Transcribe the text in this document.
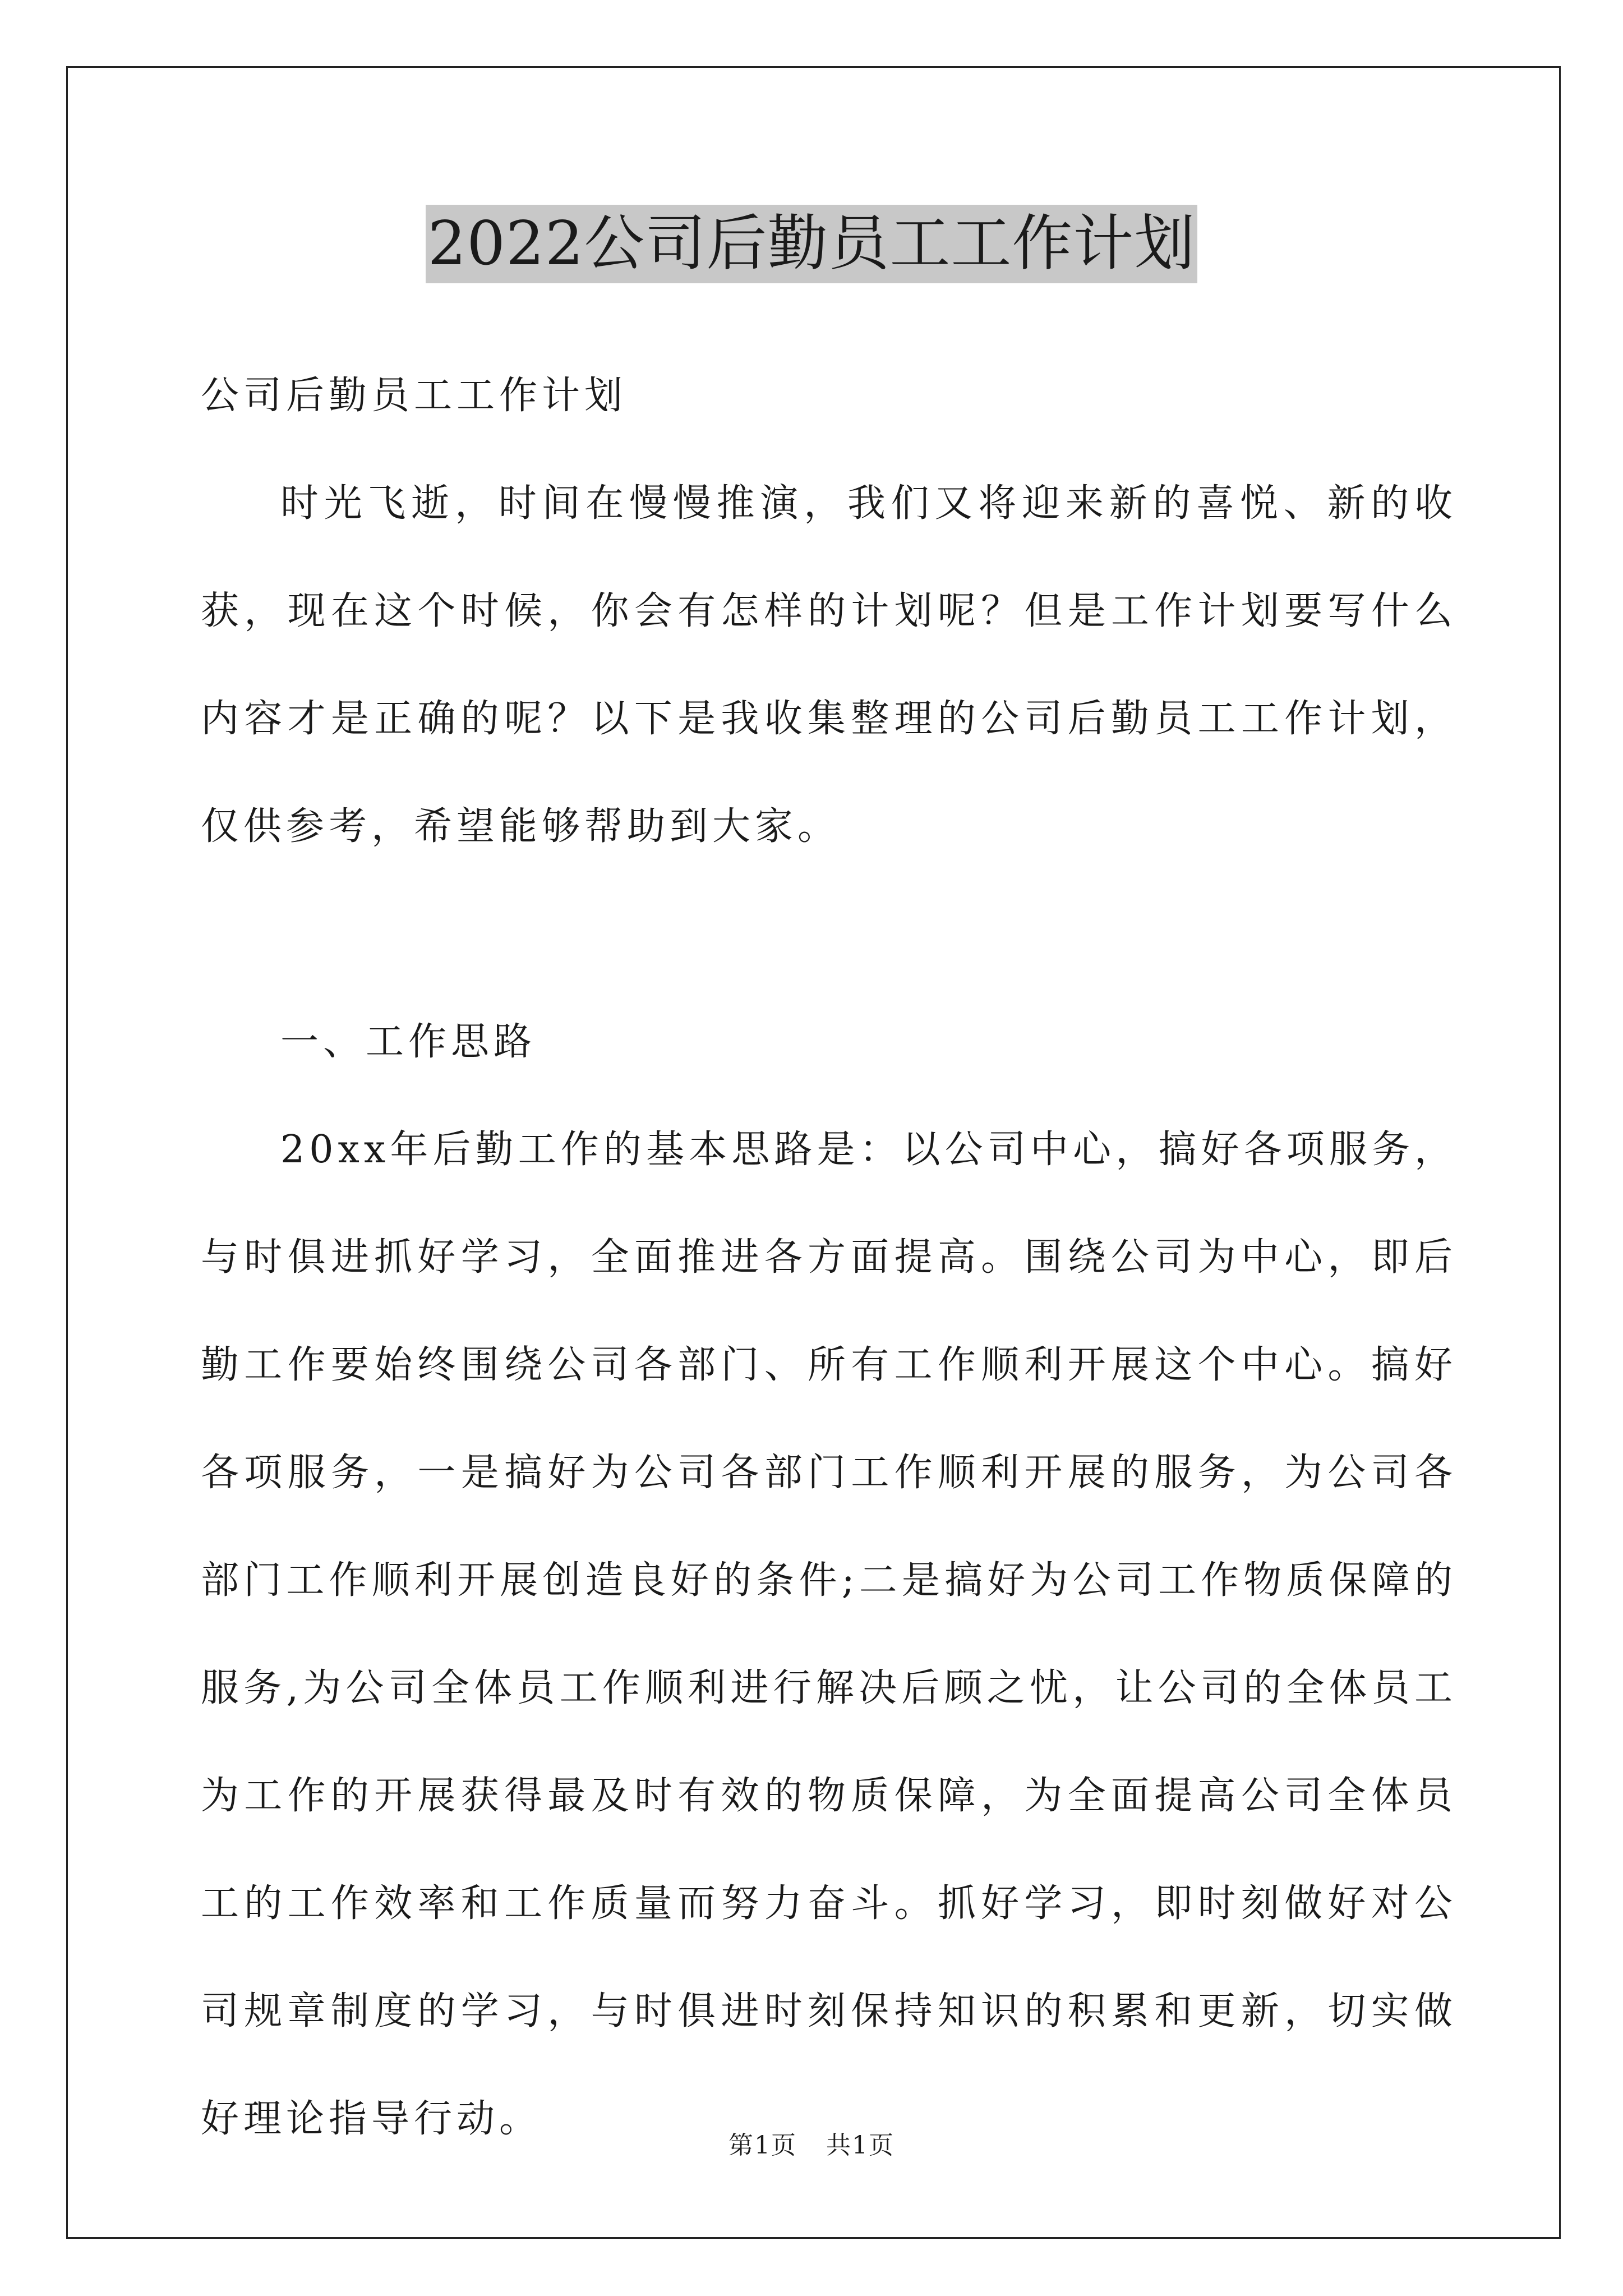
2022公司后勤员工工作计划

公司后勤员工工作计划

时光飞逝，时间在慢慢推演，我们又将迎来新的喜悦、新的收获，现在这个时候，你会有怎样的计划呢？但是工作计划要写什么内容才是正确的呢？以下是我收集整理的公司后勤员工工作计划，仅供参考，希望能够帮助到大家。

一、工作思路

20xx年后勤工作的基本思路是：以公司中心，搞好各项服务，与时俱进抓好学习，全面推进各方面提高。围绕公司为中心，即后勤工作要始终围绕公司各部门、所有工作顺利开展这个中心。搞好各项服务，一是搞好为公司各部门工作顺利开展的服务，为公司各部门工作顺利开展创造良好的条件;二是搞好为公司工作物质保障的服务,为公司全体员工作顺利进行解决后顾之忧，让公司的全体员工为工作的开展获得最及时有效的物质保障，为全面提高公司全体员工的工作效率和工作质量而努力奋斗。抓好学习，即时刻做好对公司规章制度的学习，与时俱进时刻保持知识的积累和更新，切实做好理论指导行动。

第1页 共1页
